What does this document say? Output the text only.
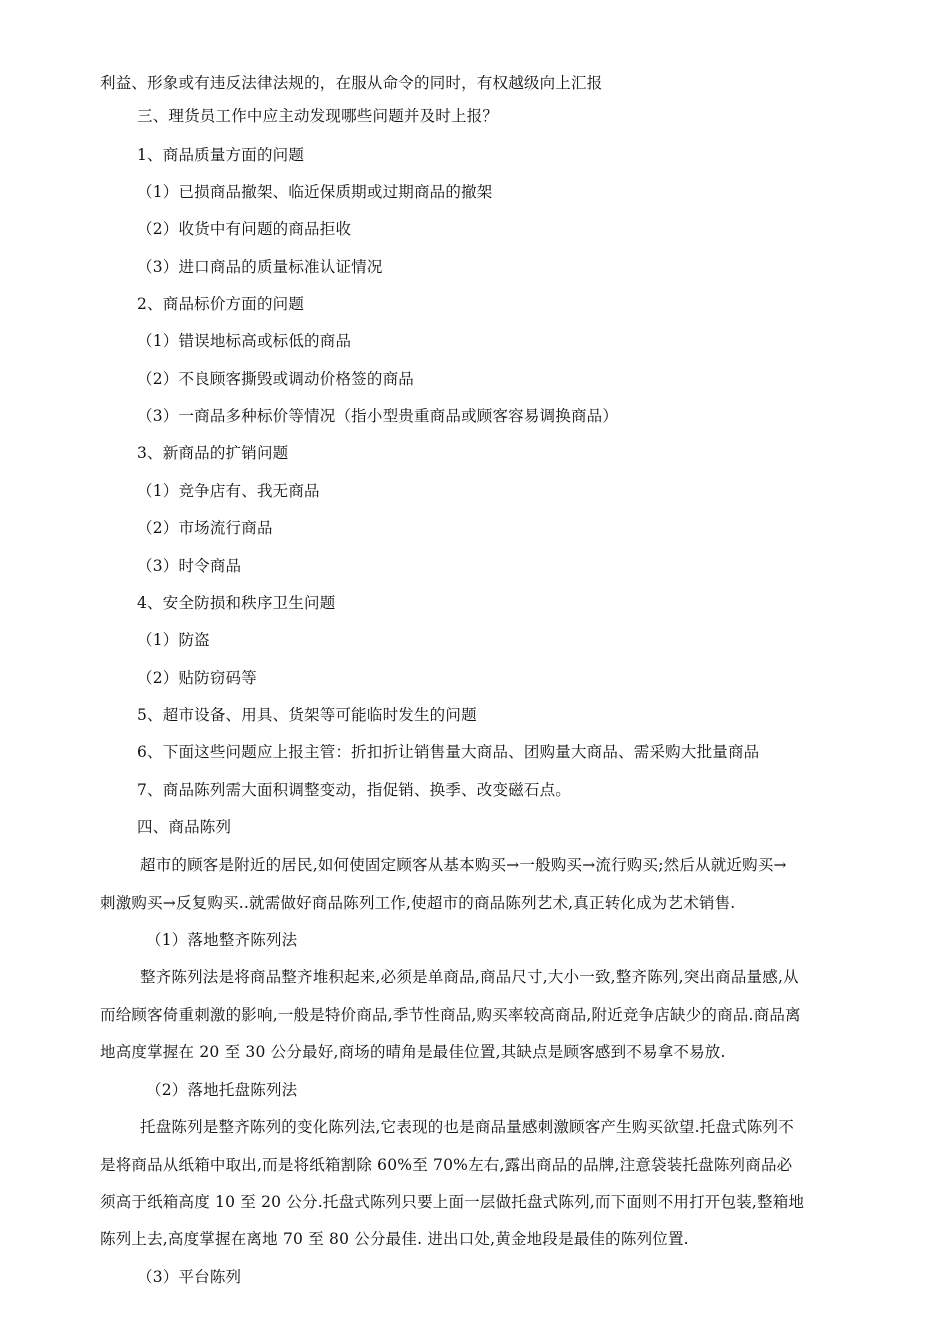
利益、形象或有违反法律法规的，在服从命令的同时，有权越级向上汇报
三、理货员工作中应主动发现哪些问题并及时上报？
1、商品质量方面的问题
（1）已损商品撤架、临近保质期或过期商品的撤架
（2）收货中有问题的商品拒收
（3）进口商品的质量标准认证情况
2、商品标价方面的问题
（1）错误地标高或标低的商品
（2）不良顾客撕毁或调动价格签的商品
（3）一商品多种标价等情况（指小型贵重商品或顾客容易调换商品）
3、新商品的扩销问题
（1）竞争店有、我无商品
（2）市场流行商品
（3）时令商品
4、安全防损和秩序卫生问题
（1）防盗
（2）贴防窃码等
5、超市设备、用具、货架等可能临时发生的问题
6、下面这些问题应上报主管：折扣折让销售量大商品、团购量大商品、需采购大批量商品
7、商品陈列需大面积调整变动，指促销、换季、改变磁石点。
四、商品陈列
超市的顾客是附近的居民,如何使固定顾客从基本购买→一般购买→流行购买;然后从就近购买→
刺激购买→反复购买..就需做好商品陈列工作,使超市的商品陈列艺术,真正转化成为艺术销售.
（1）落地整齐陈列法
整齐陈列法是将商品整齐堆积起来,必须是单商品,商品尺寸,大小一致,整齐陈列,突出商品量感,从
而给顾客倚重刺激的影响,一般是特价商品,季节性商品,购买率较高商品,附近竞争店缺少的商品.商品离
地高度掌握在 20 至 30 公分最好,商场的晴角是最佳位置,其缺点是顾客感到不易拿不易放.
（2）落地托盘陈列法
托盘陈列是整齐陈列的变化陈列法,它表现的也是商品量感刺激顾客产生购买欲望.托盘式陈列不
是将商品从纸箱中取出,而是将纸箱割除 60%至 70%左右,露出商品的品牌,注意袋装托盘陈列商品必
须高于纸箱高度 10 至 20 公分.托盘式陈列只要上面一层做托盘式陈列,而下面则不用打开包装,整箱地
陈列上去,高度掌握在离地 70 至 80 公分最佳. 进出口处,黄金地段是最佳的陈列位置.
（3）平台陈列
